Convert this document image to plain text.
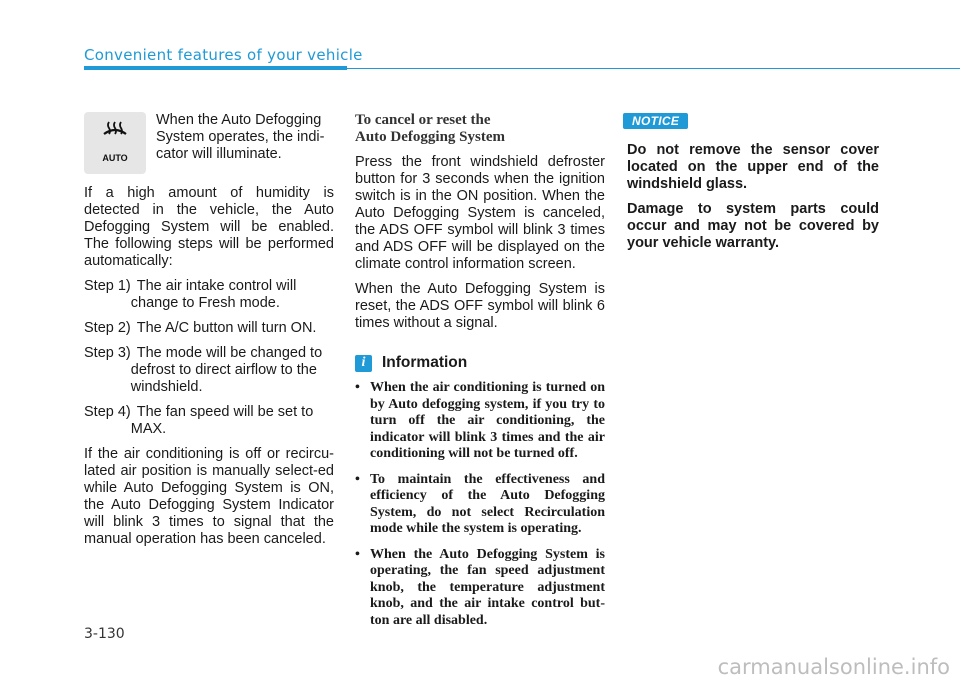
Convenient features of your vehicle
AUTO
When the Auto Defogging System operates, the indi-cator will illuminate.

If a high amount of humidity is detected in the vehicle, the Auto Defogging System will be enabled. The following steps will be performed automatically:

Step 1) The air intake control will
change to Fresh mode.
Step 2) The A/C button will turn ON.
Step 3) The mode will be changed to
defrost to direct airflow to the windshield.
Step 4) The fan speed will be set to
MAX.

If the air conditioning is off or recircu-lated air position is manually select-ed while Auto Defogging System is ON, the Auto Defogging System Indicator will blink 3 times to signal that the manual operation has been canceled.

To cancel or reset the
Auto Defogging System

Press the front windshield defroster button for 3 seconds when the ignition switch is in the ON position. When the Auto Defogging System is canceled, the ADS OFF symbol will blink 3 times and ADS OFF will be displayed on the climate control information screen.

When the Auto Defogging System is reset, the ADS OFF symbol will blink 6 times without a signal.

i	Information
• When the air conditioning is turned on by Auto defogging system, if you try to turn off the air conditioning, the indicator will blink 3 times and the air conditioning will not be turned off.
• To maintain the effectiveness and efficiency of the Auto Defogging System, do not select Recirculation mode while the system is operating.
• When the Auto Defogging System is operating, the fan speed adjustment knob, the temperature adjustment knob, and the air intake control but-ton are all disabled.
NOTICE

Do not remove the sensor cover located on the upper end of the windshield glass.

Damage to system parts could occur and may not be covered by your vehicle warranty.

3-130
carmanualsonline.info
